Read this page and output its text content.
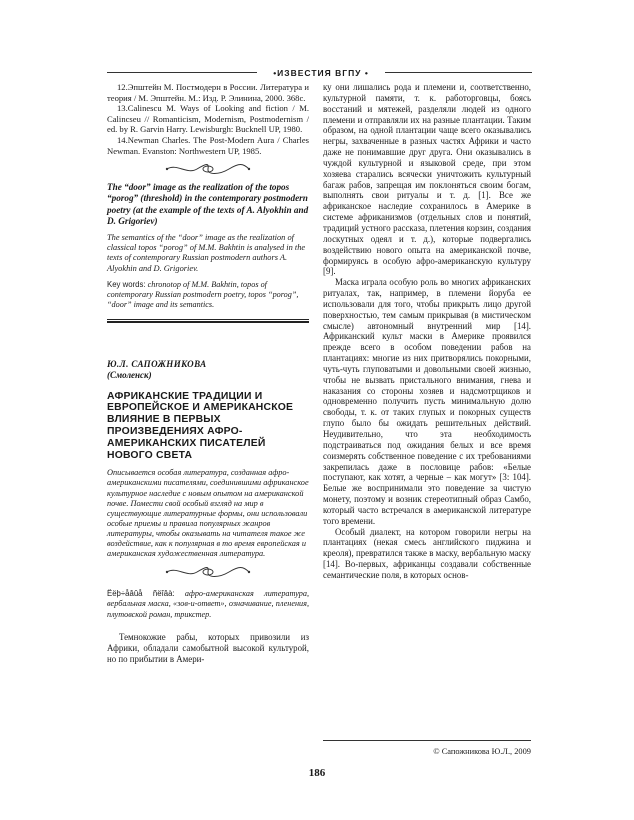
• ИЗВЕСТИЯ ВГПУ •

12.Эпштейн М. Постмодерн в России. Литература и теория / М. Эпштейн. М.: Изд. Р. Элинина, 2000. 368с.

13.Calinescu M. Ways of Looking and fiction / M. Calincseu // Romanticism, Modernism, Postmodernism / ed. by R. Garvin Harry. Lewisburgh: Bucknell UP, 1980.

14.Newman Charles. The Post-Modern Aura / Charles Newman. Evanston: Northwestern UP, 1985.

The “door” image as the realization of the topos “porog” (threshold) in the contemporary postmodern poetry (at the example of the texts of A. Alyokhin and D. Grigoriev)

The semantics of the “door” image as the realization of classical topos “porog” of M.M. Bakhtin is analysed in the texts of contemporary Russian postmodern authors A. Alyokhin and D. Grigoriev.

Key words: chronotop of M.M. Bakhtin, topos of contemporary Russian postmodern poetry, topos “porog”, “door” image and its semantics.

Ю.Л. САПОЖНИКОВА

(Смоленск)

АФРИКАНСКИЕ ТРАДИЦИИ И ЕВРОПЕЙСКОЕ И АМЕРИКАНСКОЕ ВЛИЯНИЕ В ПЕРВЫХ ПРОИЗВЕДЕНИЯХ АФРО-АМЕРИКАНСКИХ ПИСАТЕЛЕЙ НОВОГО СВЕТА

Описывается особая литература, созданная афро-американскими писателями, соединившими африканское культурное наследие с новым опытом на американской почве. Помести свой особый взгляд на мир в существующие литературные формы, они использовали особые приемы и правила популярных жанров литературы, чтобы оказывать на читателя такое же воздействие, как к популярная в то время европейская и американская художественная литература.

Ëëþ÷åâûå ñëîâà: афро-американская литература, вербальная маска, «зов-и-ответ», означивание, пленения, плутовской роман, трикстер.

Темнокожие рабы, которых привозили из Африки, обладали самобытной высокой культурой, но по прибытии в Амери-

ку они лишались рода и племени и, соответственно, культурной памяти, т. к. работорговцы, боясь восстаний и мятежей, разделяли людей из одного племени и отправляли их на разные плантации. Таким образом, на одной плантации чаще всего оказывались негры, захваченные в разных частях Африки и часто даже не понимавшие друг друга. Они оказывались в чуждой культурной и языковой среде, при этом хозяева старались всячески уничтожить культурный багаж рабов, запрещая им поклоняться своим богам, выполнять свои ритуалы и т. д. [1]. Все же африканское наследие сохранилось в Америке в системе африканизмов (отдельных слов и понятий, традиций устного рассказа, плетения корзин, создания лоскутных одеял и т. д.), которые подвергались воздействию нового опыта на американской почве, формируясь в особую афро-американскую культуру [9].

Маска играла особую роль во многих африканских ритуалах, так, например, в племени йоруба ее использовали для того, чтобы прикрыть лицо другой поверхностью, тем самым прикрывая (в мистическом смысле) автономный внутренний мир [14]. Африканский культ маски в Америке проявился прежде всего в особом поведении рабов на плантациях: многие из них притворялись покорными, чуть-чуть глуповатыми и довольными своей жизнью, чтобы не вызвать пристального внимания, гнева и наказания со стороны хозяев и надсмотрщиков и одновременно получить пусть минимальную долю свободы, т. к. от таких глупых и покорных существ глупо было бы ожидать решительных действий. Неудивительно, что эта необходимость подстраиваться под ожидания белых и все время соизмерять собственное поведение с их требованиями закрепилась даже в пословице рабов: «Белые поступают, как хотят, а черные – как могут» [3: 104]. Белые же воспринимали это поведение за чистую монету, поэтому и возник стереотипный образ Самбо, который часто встречался в американской литературе того времени.

Особый диалект, на котором говорили негры на плантациях (некая смесь английского пиджина и креоля), превратился также в маску, вербальную маску [14]. Во-первых, африканцы создавали собственные семантические поля, в которых основ-

© Сапожникова Ю.Л., 2009
186
